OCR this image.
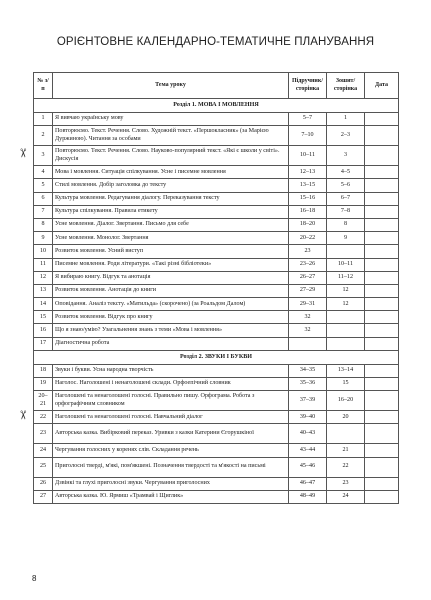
ОРІЄНТОВНЕ КАЛЕНДАРНО-ТЕМАТИЧНЕ ПЛАНУВАННЯ
№ з/п	Тема уроку	Підручник/ сторінка	Зошит/ сторінка	Дата
Розділ 1. МОВА І МОВЛЕННЯ				
1	Я вивчаю українську мову	5–7	1	
2	Повторюємо. Текст. Речення. Слово. Художній текст. «Першокласник» (за Марією Дуржиною). Читання за особами	7–10	2–3	
3	Повторюємо. Текст. Речення. Слово. Науково-популярний текст. «Які є школи у світі». Дискусія	10–11	3	
4	Мова і мовлення. Ситуація спілкування. Усне і писемне мовлення	12–13	4–5	
5	Стилі мовлення. Добір заголовка до тексту	13–15	5–6	
6	Культура мовлення. Редагування діалогу. Переказування тексту	15–16	6–7	
7	Культура спілкування. Правила етикету	16–18	7–8	
8	Усне мовлення. Діалог. Звертання. Письмо для себе	18–20	8	
9	Усне мовлення. Монолог. Звертання	20–22	9	
10	Розвиток мовлення. Усний виступ	23		
11	Писемне мовлення. Роди літератури. «Такі різні бібліотеки»	23–26	10–11	
12	Я вибираю книгу. Відгук та анотація	26–27	11–12	
13	Розвиток мовлення. Анотація до книги	27–29	12	
14	Оповідання. Аналіз тексту. «Матильда» (скорочено) (за Роальдом Далом)	29–31	12	
15	Розвиток мовлення. Відгук про книгу	32		
16	Що я знаю/умію? Узагальнення знань з теми «Мова і мовлення»	32		
17	Діагностична робота			
Розділ 2. ЗВУКИ І БУКВИ				
18	Звуки і букви. Усна народна творчість	34–35	13–14	
19	Наголос. Наголошені і ненаголошені склади. Орфоепічний словник	35–36	15	
20–21	Наголошені та ненаголошені голосні. Правильно пишу. Орфограма. Робота з орфографічним словником	37–39	16–20	
22	Наголошені та ненаголошені голосні. Навчальний діалог	39–40	20	
23	Авторська казка. Вибірковий переказ. Уривки з казки Катерини Єгорушкіної	40–43		
24	Чергування голосних у коренях слів. Складання речень	43–44	21	
25	Приголосні тверді, м'які, пом'якшені. Позначення твердості та м'якості на письмі	45–46	22	
26	Дзвінкі та глухі приголосні звуки. Чергування приголосних	46–47	23	
27	Авторська казка. Ю. Ярмиш «Трамвай і Щиглик»	48–49	24	
✂
✂
8
